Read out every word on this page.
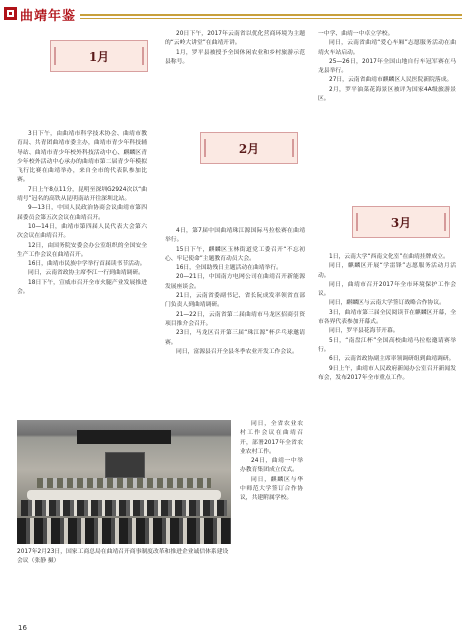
曲靖年鉴
1月
2月
3月

3日下午，由曲靖市科学技术协会、曲靖市教育局、共青团曲靖市委主办，曲靖市青少年科技辅导站、曲靖市青少年校外科技活动中心、麒麟区青少年校外活动中心承办的曲靖市第二届青少年模拟飞行比赛在曲靖举办，来自全市的代表队参加比赛。

7日上午8点11分，昆明至深圳G2924次以“曲靖号”冠名的高铁从昆明南站开往深圳北站。

9—13日，中国人民政治协商会议曲靖市第四届委员会第五次会议在曲靖召开。

10—14日，曲靖市第四届人民代表大会第六次会议在曲靖召开。

12日，由国务院安委会办公室组织的全国安全生产工作会议在曲靖召开。

16日，曲靖市民族中学举行首届读书节活动。

同日，云南省政协主席李江一行到曲靖调研。

18日下午，宣威市召开全市火腿产业发展推进会。

20日下午，2017年云南省以优化营商环境为主题的“云岭大讲堂”在曲靖开讲。

1月，罗平县被授予全国休闲农业和乡村旅游示范县称号。

4日，第7届中国曲靖珠江源国际马拉松赛在曲靖举行。

15日下午，麒麟区玉林街道党工委召开“不忘初心、牢记使命”主题教育动员大会。

16日，全国助残日主题活动在曲靖举行。

20—21日，中国南方电网公司在曲靖召开新能源发展座谈会。

21日，云南省委副书记、省长阮成发率领省直部门负责人到曲靖调研。

21—22日，云南省第二届曲靖市马龙区招商引资项目推介会召开。

23日，马龙区召开第三届“珠江源”杯乒乓球邀请赛。

同日，富源县召开全县冬季农业开发工作会议。

一中学、曲靖一中卓立学校。

同日，云南省曲靖“爱心车厢”志愿服务活动在曲靖火车站启动。

25—26日，2017年全国山地自行车冠军赛在马龙县举行。

27日，云南省曲靖市麒麟区人民医院新院落成。

2月，罗平油菜花海景区被评为国家4A级旅游景区。

1日，云南大学“西南文化室”在曲靖挂牌成立。

同日，麒麟区开展“学雷锋”志愿服务活动月活动。

同日，曲靖市召开2017年全市环境保护工作会议。

同日，麒麟区与云南大学签订战略合作协议。

3日，曲靖市第三届全民阅读节在麒麟区开幕，全市各界代表参加开幕式。

同日，罗平县花海节开幕。

5日，“南盘江杯”全国高校曲靖马拉松邀请赛举行。

6日，云南省政协副主席率领调研组到曲靖调研。

9日上午，曲靖市人民政府新闻办公室召开新闻发布会，发布2017年全市重点工作。

同日，全省农业农村工作会议在曲靖召开，部署2017年全省农业农村工作。

24日，曲靖一中举办教育集团成立仪式。

同日，麒麟区与华中师范大学签订合作协议，共建附属学校。

2017年2月23日，国家工商总局在曲靖召开商事制度改革和推进企业诚信体系建设会议（张静 摄）
16
